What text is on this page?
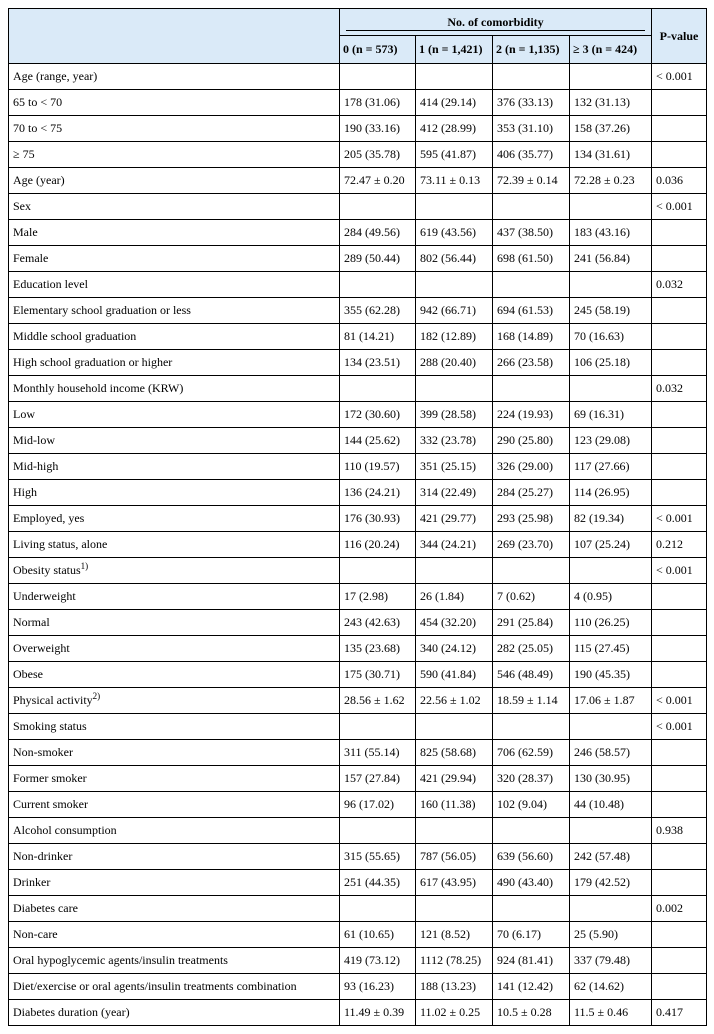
	No. of comorbidity				P-value
	0 (n = 573)	1 (n = 1,421)	2 (n = 1,135)	≥ 3 (n = 424)	
Age (range, year)					< 0.001
65 to < 70	178 (31.06)	414 (29.14)	376 (33.13)	132 (31.13)	
70 to < 75	190 (33.16)	412 (28.99)	353 (31.10)	158 (37.26)	
≥ 75	205 (35.78)	595 (41.87)	406 (35.77)	134 (31.61)	
Age (year)	72.47 ± 0.20	73.11 ± 0.13	72.39 ± 0.14	72.28 ± 0.23	0.036
Sex					< 0.001
Male	284 (49.56)	619 (43.56)	437 (38.50)	183 (43.16)	
Female	289 (50.44)	802 (56.44)	698 (61.50)	241 (56.84)	
Education level					0.032
Elementary school graduation or less	355 (62.28)	942 (66.71)	694 (61.53)	245 (58.19)	
Middle school graduation	81 (14.21)	182 (12.89)	168 (14.89)	70 (16.63)	
High school graduation or higher	134 (23.51)	288 (20.40)	266 (23.58)	106 (25.18)	
Monthly household income (KRW)					0.032
Low	172 (30.60)	399 (28.58)	224 (19.93)	69 (16.31)	
Mid-low	144 (25.62)	332 (23.78)	290 (25.80)	123 (29.08)	
Mid-high	110 (19.57)	351 (25.15)	326 (29.00)	117 (27.66)	
High	136 (24.21)	314 (22.49)	284 (25.27)	114 (26.95)	
Employed, yes	176 (30.93)	421 (29.77)	293 (25.98)	82 (19.34)	< 0.001
Living status, alone	116 (20.24)	344 (24.21)	269 (23.70)	107 (25.24)	0.212
Obesity status$^{1)}$					< 0.001
Underweight	17 (2.98)	26 (1.84)	7 (0.62)	4 (0.95)	
Normal	243 (42.63)	454 (32.20)	291 (25.84)	110 (26.25)	
Overweight	135 (23.68)	340 (24.12)	282 (25.05)	115 (27.45)	
Obese	175 (30.71)	590 (41.84)	546 (48.49)	190 (45.35)	
Physical activity$^{2)}$	28.56 ± 1.62	22.56 ± 1.02	18.59 ± 1.14	17.06 ± 1.87	< 0.001
Smoking status					< 0.001
Non-smoker	311 (55.14)	825 (58.68)	706 (62.59)	246 (58.57)	
Former smoker	157 (27.84)	421 (29.94)	320 (28.37)	130 (30.95)	
Current smoker	96 (17.02)	160 (11.38)	102 (9.04)	44 (10.48)	
Alcohol consumption					0.938
Non-drinker	315 (55.65)	787 (56.05)	639 (56.60)	242 (57.48)	
Drinker	251 (44.35)	617 (43.95)	490 (43.40)	179 (42.52)	
Diabetes care					0.002
Non-care	61 (10.65)	121 (8.52)	70 (6.17)	25 (5.90)	
Oral hypoglycemic agents/insulin treatments	419 (73.12)	1112 (78.25)	924 (81.41)	337 (79.48)	
Diet/exercise or oral agents/insulin treatments combination	93 (16.23)	188 (13.23)	141 (12.42)	62 (14.62)	
Diabetes duration (year)	11.49 ± 0.39	11.02 ± 0.25	10.5 ± 0.28	11.5 ± 0.46	0.417
